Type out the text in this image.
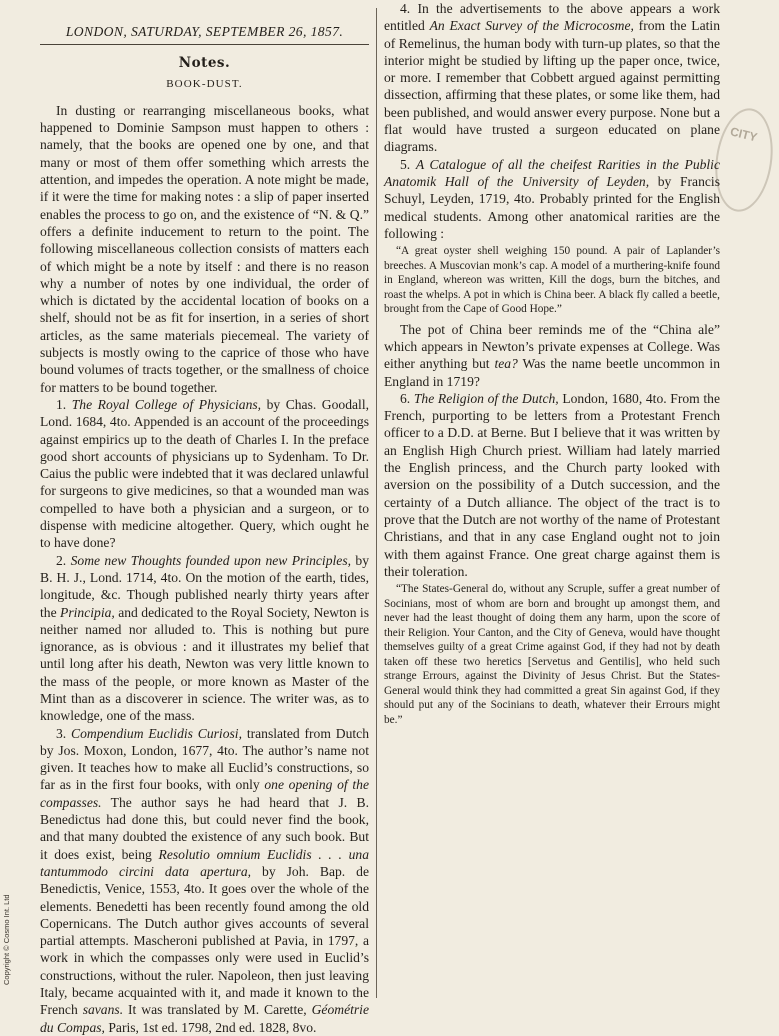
CITY
LONDON, SATURDAY, SEPTEMBER 26, 1857.
Notes.
BOOK-DUST.

In dusting or rearranging miscellaneous books, what happened to Dominie Sampson must happen to others : namely, that the books are opened one by one, and that many or most of them offer something which arrests the attention, and impedes the operation. A note might be made, if it were the time for making notes : a slip of paper inserted enables the process to go on, and the existence of “N. & Q.” offers a definite inducement to return to the point. The following miscellaneous collection consists of matters each of which might be a note by itself : and there is no reason why a number of notes by one individual, the order of which is dictated by the accidental location of books on a shelf, should not be as fit for insertion, in a series of short articles, as the same materials piecemeal. The variety of subjects is mostly owing to the caprice of those who have bound volumes of tracts together, or the smallness of choice for matters to be bound together.

1. The Royal College of Physicians, by Chas. Goodall, Lond. 1684, 4to. Appended is an account of the proceedings against empirics up to the death of Charles I. In the preface good short accounts of physicians up to Sydenham. To Dr. Caius the public were indebted that it was declared unlawful for surgeons to give medicines, so that a wounded man was compelled to have both a physician and a surgeon, or to dispense with medicine altogether. Query, which ought he to have done?

2. Some new Thoughts founded upon new Principles, by B. H. J., Lond. 1714, 4to. On the motion of the earth, tides, longitude, &c. Though published nearly thirty years after the Principia, and dedicated to the Royal Society, Newton is neither named nor alluded to. This is nothing but pure ignorance, as is obvious : and it illustrates my belief that until long after his death, Newton was very little known to the mass of the people, or more known as Master of the Mint than as a discoverer in science. The writer was, as to knowledge, one of the mass.

3. Compendium Euclidis Curiosi, translated from Dutch by Jos. Moxon, London, 1677, 4to. The author’s name not given. It teaches how to make all Euclid’s constructions, so far as in the first four books, with only one opening of the compasses. The author says he had heard that J. B. Benedictus had done this, but could never find the book, and that many doubted the existence of any such book. But it does exist, being Resolutio omnium Euclidis . . . una tantummodo circini data apertura, by Joh. Bap. de Benedictis, Venice, 1553, 4to. It goes over the whole of the elements. Benedetti has been recently found among the old Copernicans. The Dutch author gives accounts of several partial attempts. Mascheroni published at Pavia, in 1797, a work in which the compasses only were used in Euclid’s constructions, without the ruler. Napoleon, then just leaving Italy, became acquainted with it, and made it known to the French savans. It was translated by M. Carette, Géométrie du Compas, Paris, 1st ed. 1798, 2nd ed. 1828, 8vo.

4. In the advertisements to the above appears a work entitled An Exact Survey of the Microcosme, from the Latin of Remelinus, the human body with turn-up plates, so that the interior might be studied by lifting up the paper once, twice, or more. I remember that Cobbett argued against permitting dissection, affirming that these plates, or some like them, had been published, and would answer every purpose. None but a flat would have trusted a surgeon educated on plane diagrams.

5. A Catalogue of all the cheifest Rarities in the Public Anatomik Hall of the University of Leyden, by Francis Schuyl, Leyden, 1719, 4to. Probably printed for the English medical students. Among other anatomical rarities are the following :

“A great oyster shell weighing 150 pound. A pair of Laplander’s breeches. A Muscovian monk’s cap. A model of a murthering-knife found in England, whereon was written, Kill the dogs, burn the bitches, and roast the whelps. A pot in which is China beer. A black fly called a beetle, brought from the Cape of Good Hope.”

The pot of China beer reminds me of the “China ale” which appears in Newton’s private expenses at College. Was either anything but tea? Was the name beetle uncommon in England in 1719?

6. The Religion of the Dutch, London, 1680, 4to. From the French, purporting to be letters from a Protestant French officer to a D.D. at Berne. But I believe that it was written by an English High Church priest. William had lately married the English princess, and the Church party looked with aversion on the possibility of a Dutch succession, and the certainty of a Dutch alliance. The object of the tract is to prove that the Dutch are not worthy of the name of Protestant Christians, and that in any case England ought not to join with them against France. One great charge against them is their toleration.

“The States-General do, without any Scruple, suffer a great number of Socinians, most of whom are born and brought up amongst them, and never had the least thought of doing them any harm, upon the score of their Religion. Your Canton, and the City of Geneva, would have thought themselves guilty of a great Crime against God, if they had not by death taken off these two heretics [Servetus and Gentilis], who held such strange Errours, against the Divinity of Jesus Christ. But the States-General would think they had committed a great Sin against God, if they should put any of the Socinians to death, whatever their Errours might be.”

Copyright © Cosmo Int. Ltd
